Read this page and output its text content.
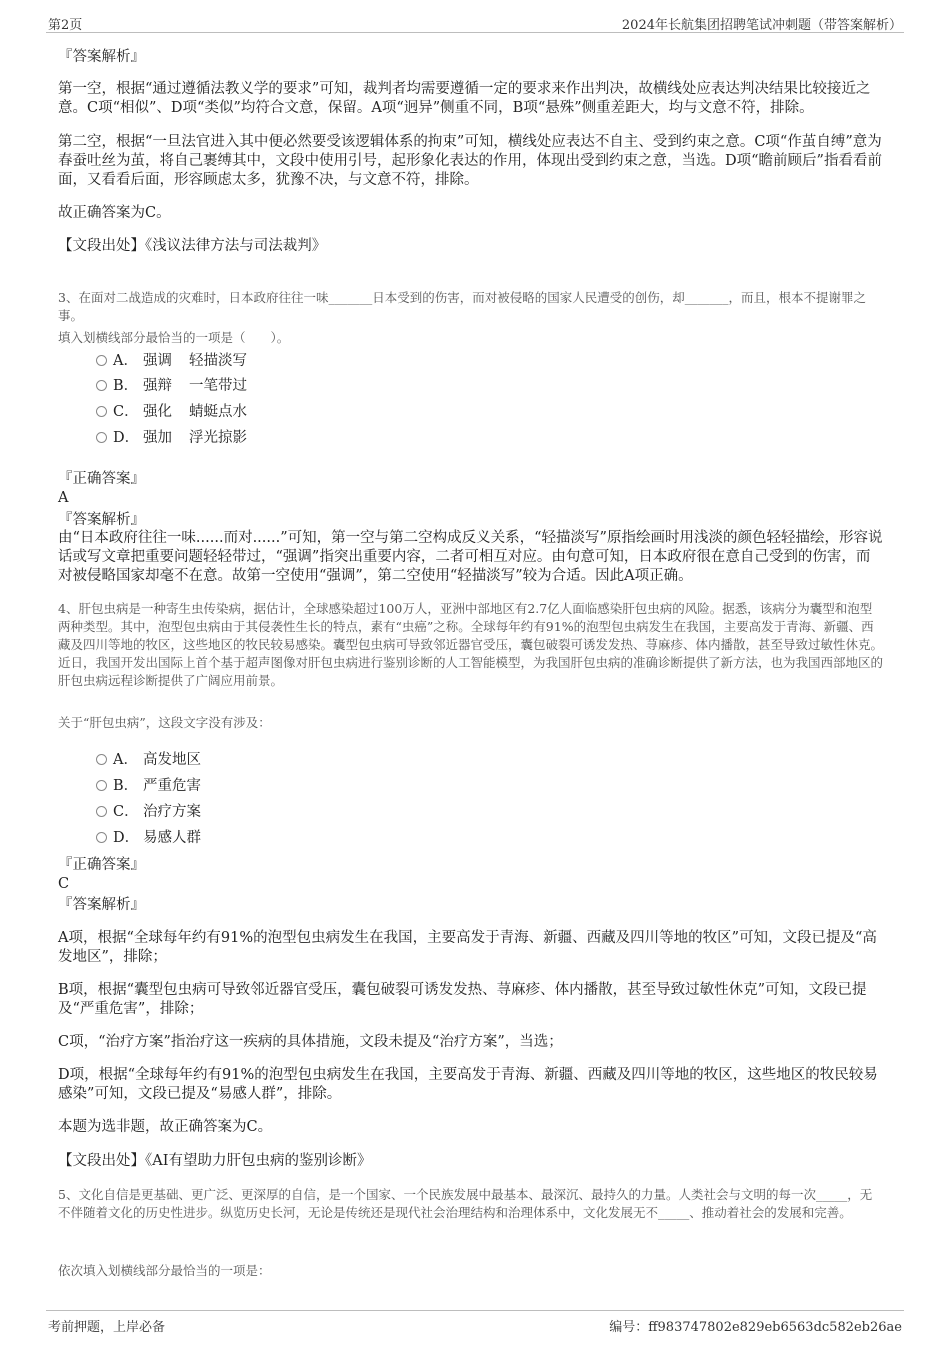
第2页	2024年长航集团招聘笔试冲刺题（带答案解析）
『答案解析』
第一空，根据“通过遵循法教义学的要求”可知，裁判者均需要遵循一定的要求来作出判决，故横线处应表达判决结果比较接近之意。C项“相似”、D项“类似”均符合文意，保留。A项“迥异”侧重不同，B项“悬殊”侧重差距大，均与文意不符，排除。
第二空，根据“一旦法官进入其中便必然要受该逻辑体系的拘束”可知，横线处应表达不自主、受到约束之意。C项“作茧自缚”意为春蚕吐丝为茧，将自己裹缚其中，文段中使用引号，起形象化表达的作用，体现出受到约束之意，当选。D项“瞻前顾后”指看看前面，又看看后面，形容顾虑太多，犹豫不决，与文意不符，排除。
故正确答案为C。
【文段出处】《浅议法律方法与司法裁判》
3、在面对二战造成的灾难时，日本政府往往一味_______日本受到的伤害，而对被侵略的国家人民遭受的创伤，却_______，而且，根本不提谢罪之事。
填入划横线部分最恰当的一项是（　　）。
A． 强调 轻描淡写
B． 强辩 一笔带过
C． 强化 蜻蜓点水
D． 强加 浮光掠影
『正确答案』
A
『答案解析』
由“日本政府往往一味......而对......”可知，第一空与第二空构成反义关系，“轻描淡写”原指绘画时用浅淡的颜色轻轻描绘，形容说话或写文章把重要问题轻轻带过，“强调”指突出重要内容，二者可相互对应。由句意可知，日本政府很在意自己受到的伤害，而对被侵略国家却毫不在意。故第一空使用“强调”，第二空使用“轻描淡写”较为合适。因此A项正确。
4、肝包虫病是一种寄生虫传染病，据估计，全球感染超过100万人，亚洲中部地区有2.7亿人面临感染肝包虫病的风险。据悉，该病分为囊型和泡型两种类型。其中，泡型包虫病由于其侵袭性生长的特点，素有“虫癌”之称。全球每年约有91%的泡型包虫病发生在我国，主要高发于青海、新疆、西藏及四川等地的牧区，这些地区的牧民较易感染。囊型包虫病可导致邻近器官受压，囊包破裂可诱发发热、荨麻疹、体内播散，甚至导致过敏性休克。近日，我国开发出国际上首个基于超声图像对肝包虫病进行鉴别诊断的人工智能模型，为我国肝包虫病的准确诊断提供了新方法，也为我国西部地区的肝包虫病远程诊断提供了广阔应用前景。
关于“肝包虫病”，这段文字没有涉及：
A． 高发地区
B． 严重危害
C． 治疗方案
D． 易感人群
『正确答案』
C
『答案解析』
A项，根据“全球每年约有91%的泡型包虫病发生在我国，主要高发于青海、新疆、西藏及四川等地的牧区”可知，文段已提及“高发地区”，排除；
B项，根据“囊型包虫病可导致邻近器官受压，囊包破裂可诱发发热、荨麻疹、体内播散，甚至导致过敏性休克”可知，文段已提及“严重危害”，排除；
C项，“治疗方案”指治疗这一疾病的具体措施，文段未提及“治疗方案”，当选；
D项，根据“全球每年约有91%的泡型包虫病发生在我国，主要高发于青海、新疆、西藏及四川等地的牧区，这些地区的牧民较易感染”可知，文段已提及“易感人群”，排除。
本题为选非题，故正确答案为C。
【文段出处】《AI有望助力肝包虫病的鉴别诊断》
5、文化自信是更基础、更广泛、更深厚的自信，是一个国家、一个民族发展中最基本、最深沉、最持久的力量。人类社会与文明的每一次_____，无不伴随着文化的历史性进步。纵览历史长河，无论是传统还是现代社会治理结构和治理体系中，文化发展无不_____、推动着社会的发展和完善。
依次填入划横线部分最恰当的一项是：
考前押题，上岸必备	编号：ff983747802e829eb6563dc582eb26ae
